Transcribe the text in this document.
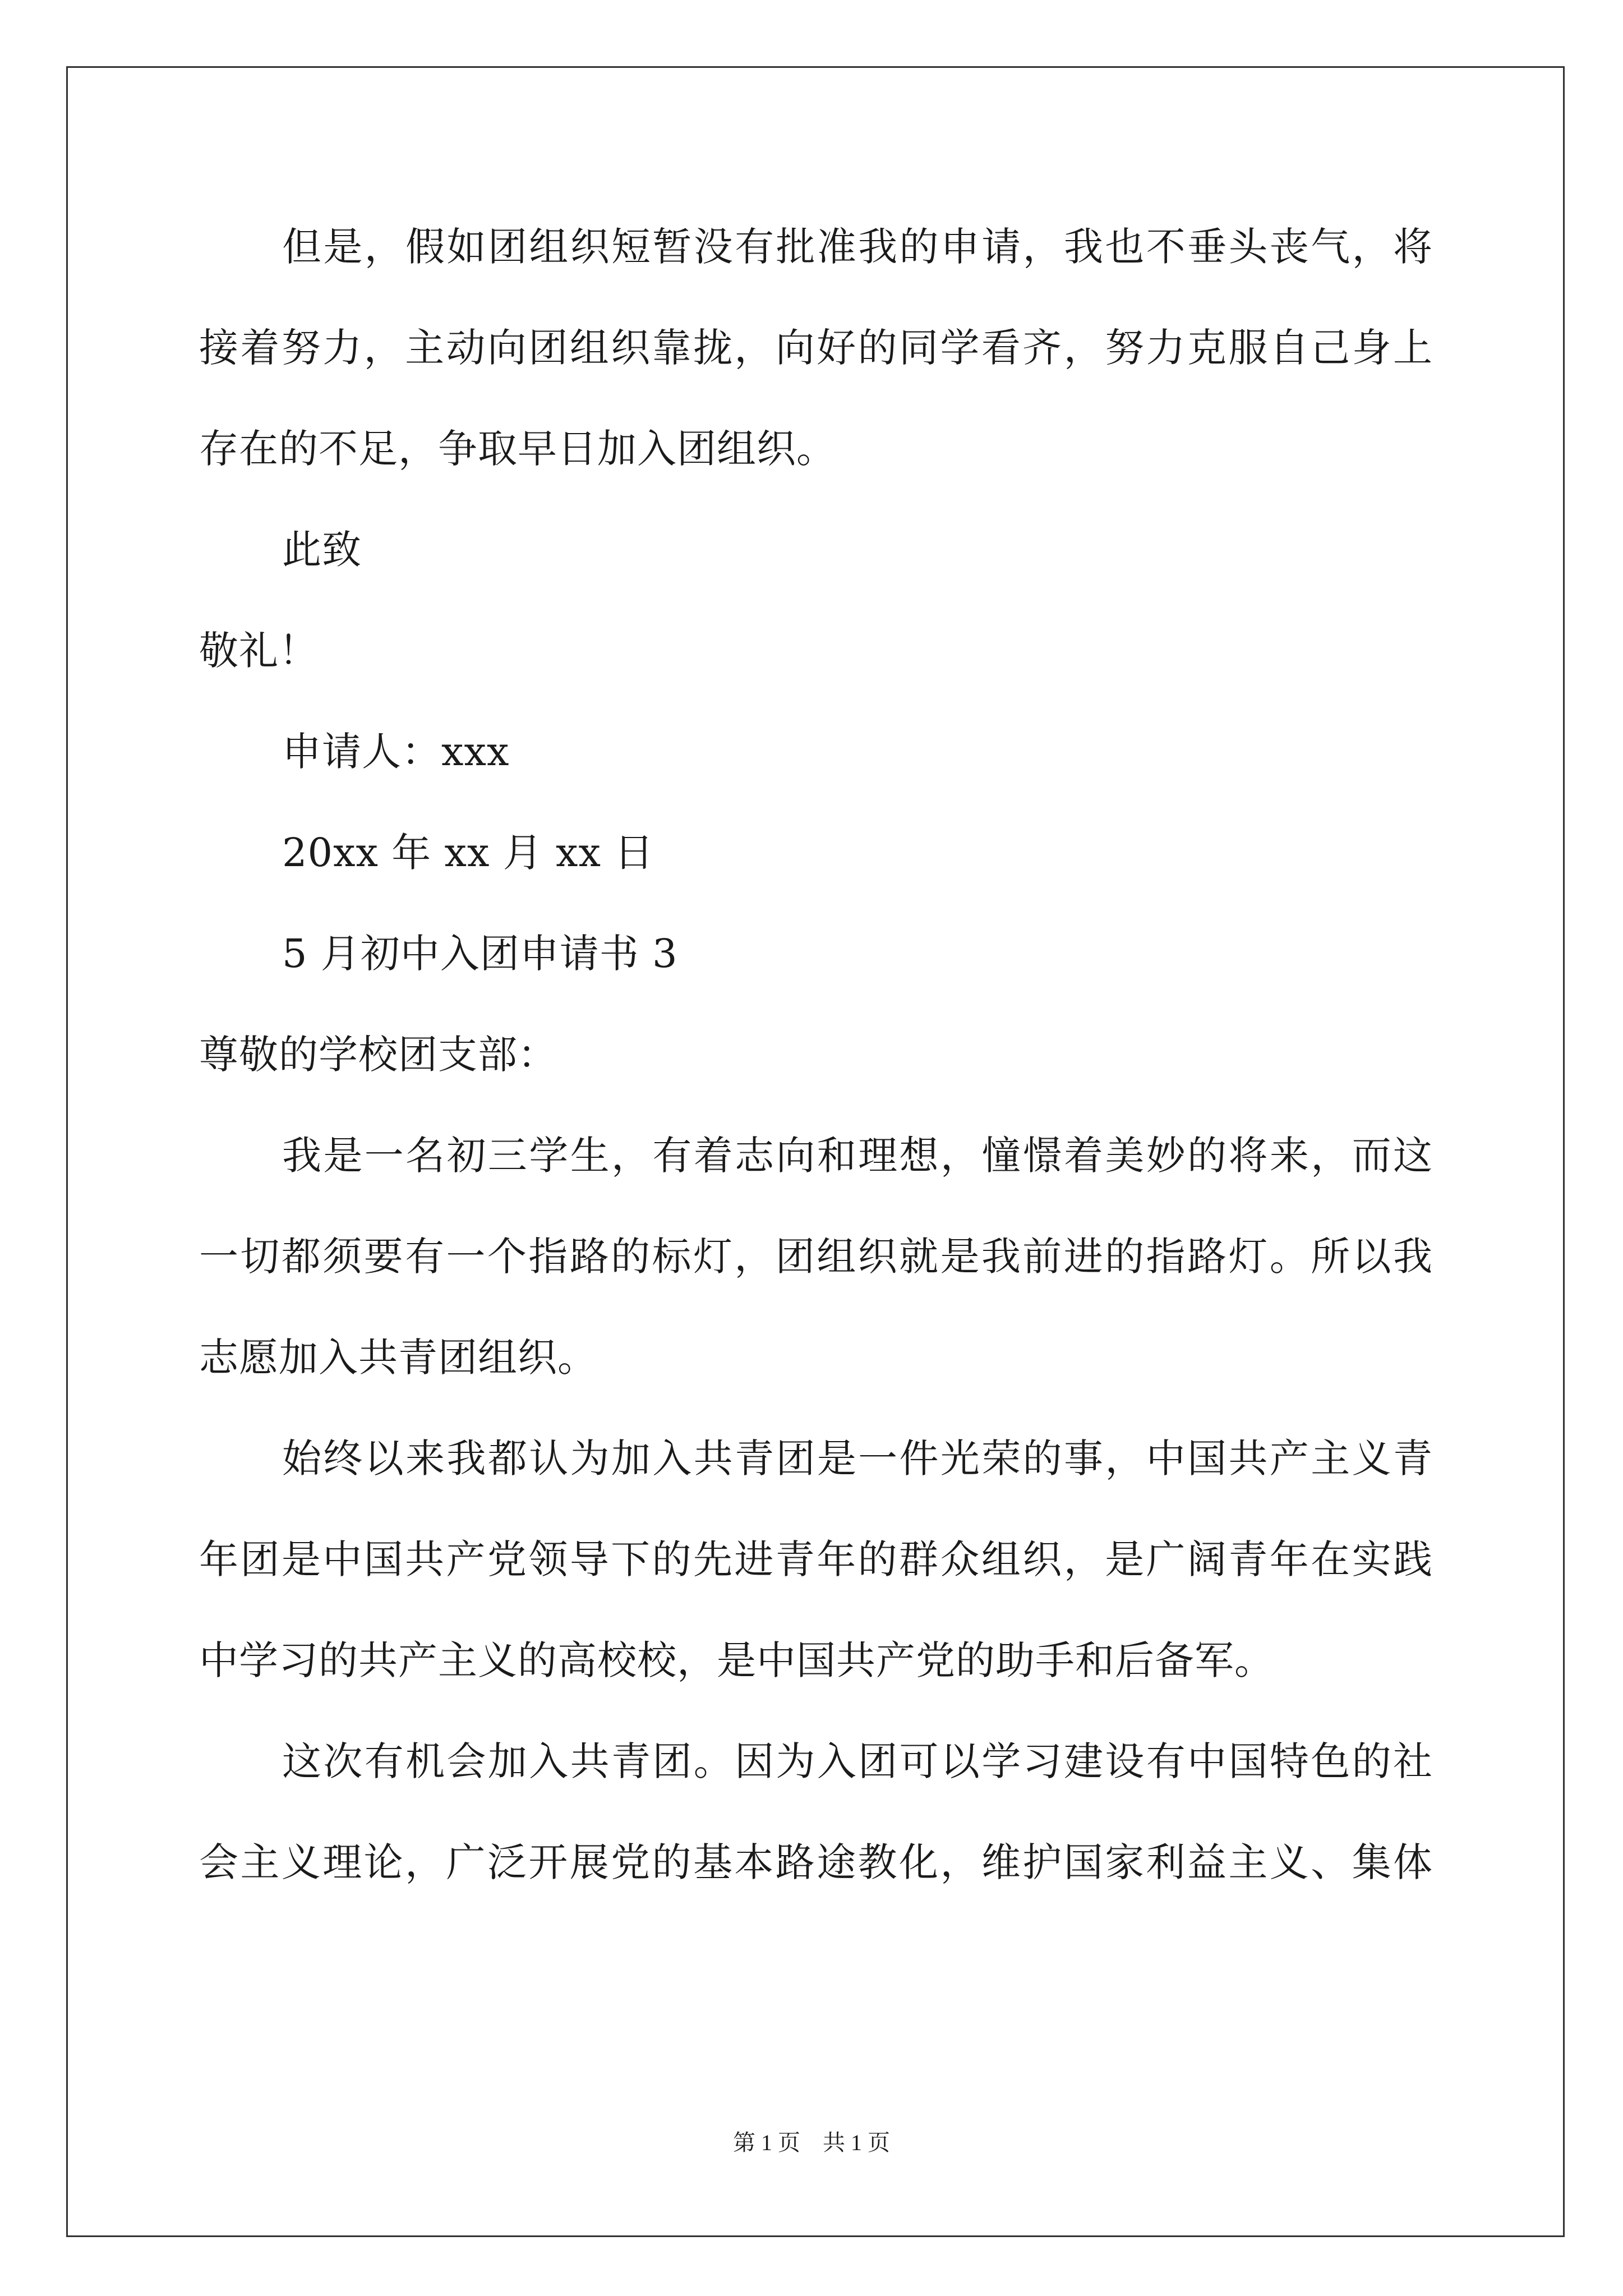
但是，假如团组织短暂没有批准我的申请，我也不垂头丧气，将
接着努力，主动向团组织靠拢，向好的同学看齐，努力克服自己身上
存在的不足，争取早日加入团组织。
此致
敬礼！
申请人：xxx
20xx 年 xx 月 xx 日
5 月初中入团申请书 3
尊敬的学校团支部：
我是一名初三学生，有着志向和理想，憧憬着美妙的将来，而这
一切都须要有一个指路的标灯，团组织就是我前进的指路灯。所以我
志愿加入共青团组织。
始终以来我都认为加入共青团是一件光荣的事，中国共产主义青
年团是中国共产党领导下的先进青年的群众组织，是广阔青年在实践
中学习的共产主义的高校校，是中国共产党的助手和后备军。
这次有机会加入共青团。因为入团可以学习建设有中国特色的社
会主义理论，广泛开展党的基本路途教化，维护国家利益主义、集体
第 1 页　共 1 页
